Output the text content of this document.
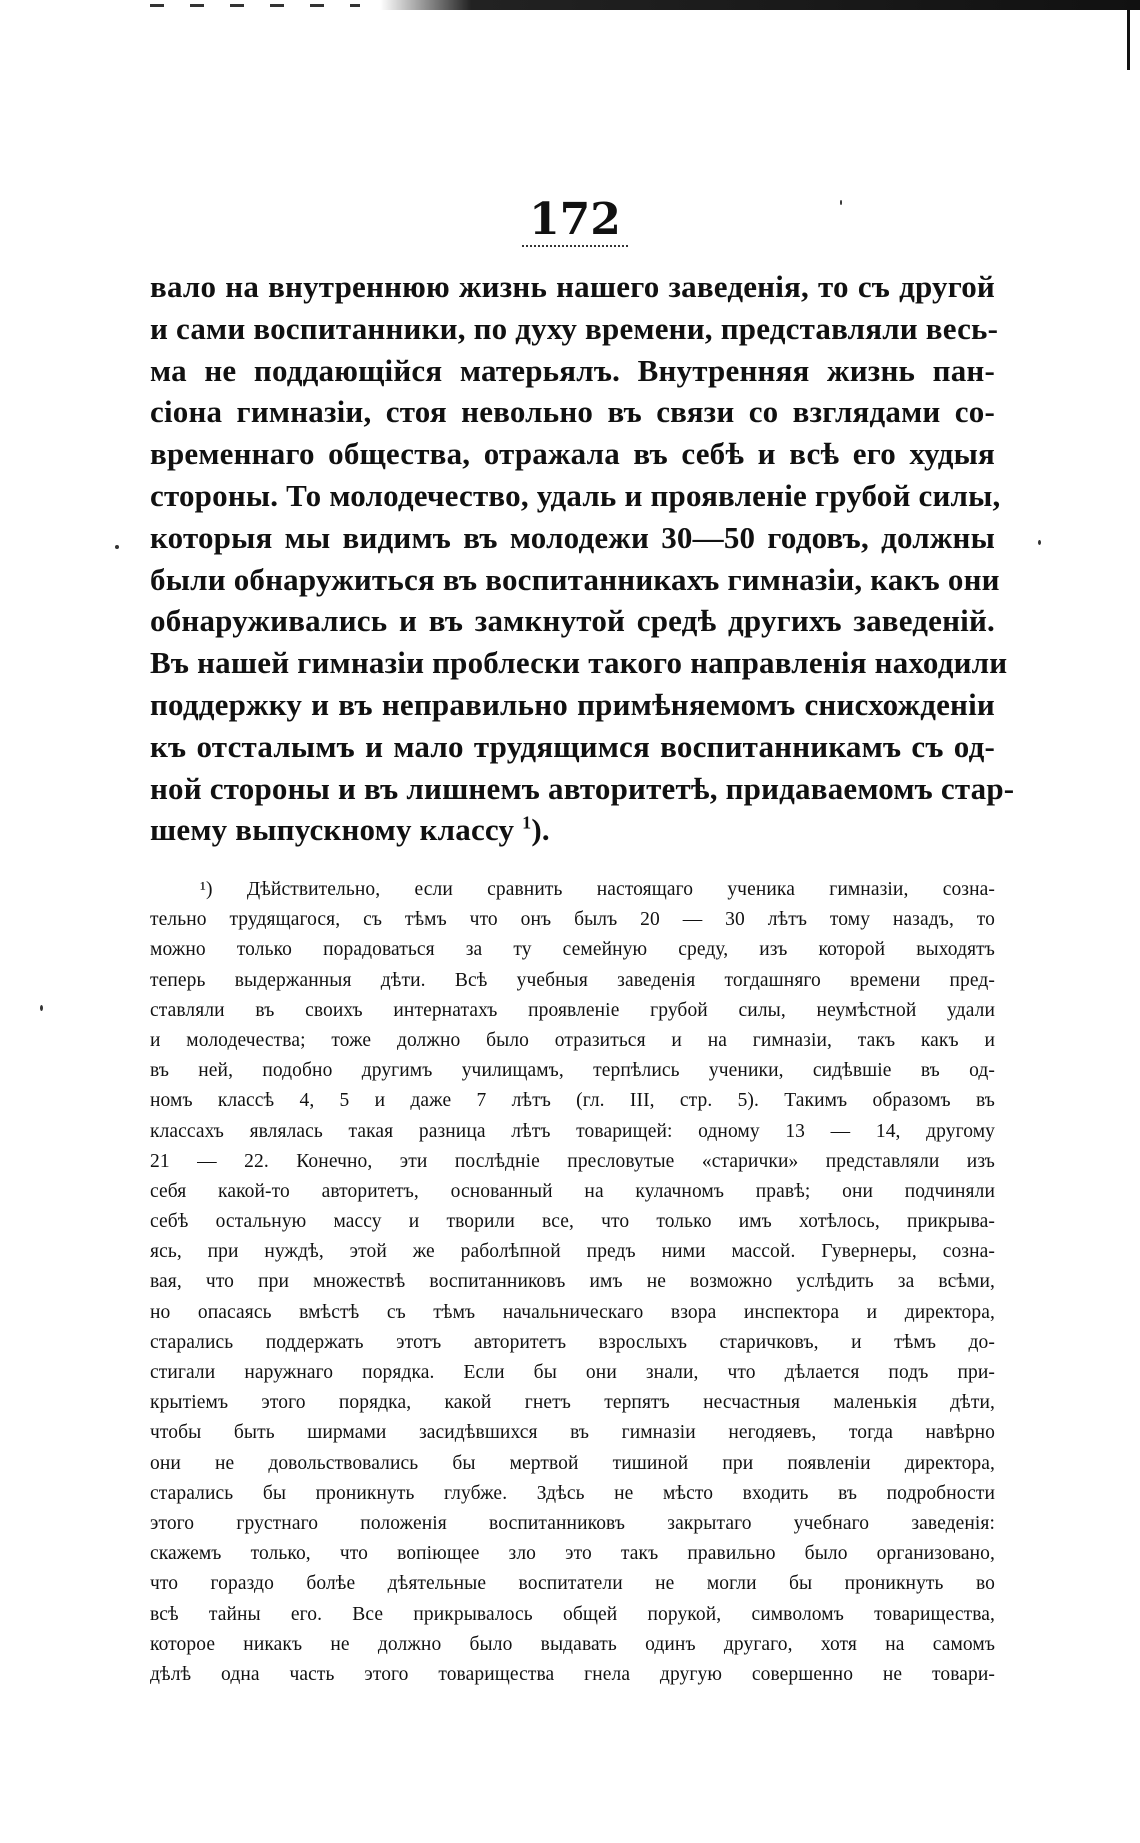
172
вало на внутреннюю жизнь нашего заведенія, то съ другой
и сами воспитанники, по духу времени, представляли весь-
ма не поддающійся матерьялъ. Внутренняя жизнь пан-
сіона гимназіи, стоя невольно въ связи со взглядами со-
временнаго общества, отражала въ себѣ и всѣ его худыя
стороны. То молодечество, удаль и проявленіе грубой силы,
которыя мы видимъ въ молодежи 30—50 годовъ, должны
были обнаружиться въ воспитанникахъ гимназіи, какъ они
обнаруживались и въ замкнутой средѣ другихъ заведеній.
Въ нашей гимназіи проблески такого направленія находили
поддержку и въ неправильно примѣняемомъ снисхожденіи
къ отсталымъ и мало трудящимся воспитанникамъ съ од-
ной стороны и въ лишнемъ авторитетѣ, придаваемомъ стар-
шему выпускному классу $^1$).
¹) Дѣйствительно, если сравнить настоящаго ученика гимназіи, созна-
тельно трудящагося, съ тѣмъ что онъ былъ 20 — 30 лѣтъ тому назадъ, то
можно только порадоваться за ту семейную среду, изъ которой выходятъ
теперь выдержанныя дѣти. Всѣ учебныя заведенія тогдашняго времени пред-
ставляли въ своихъ интернатахъ проявленіе грубой силы, неумѣстной удали
и молодечества; тоже должно было отразиться и на гимназіи, такъ какъ и
въ ней, подобно другимъ училищамъ, терпѣлись ученики, сидѣвшіе въ од-
номъ классѣ 4, 5 и даже 7 лѣтъ (гл. III, стр. 5). Такимъ образомъ въ
классахъ являлась такая разница лѣтъ товарищей: одному 13 — 14, другому
21 — 22. Конечно, эти послѣдніе пресловутые «старички» представляли изъ
себя какой-то авторитетъ, основанный на кулачномъ правѣ; они подчиняли
себѣ остальную массу и творили все, что только имъ хотѣлось, прикрыва-
ясь, при нуждѣ, этой же раболѣпной предъ ними массой. Гувернеры, сознa-
вая, что при множествѣ воспитанниковъ имъ не возможно услѣдить за всѣми,
но опасаясь вмѣстѣ съ тѣмъ начальническаго взора инспектора и директора,
старались поддержать этотъ авторитетъ взрослыхъ старичковъ, и тѣмъ до-
стигали наружнаго порядка. Если бы они знали, что дѣлается подъ при-
крытіемъ этого порядка, какой гнетъ терпятъ несчастныя маленькія дѣти,
чтобы быть ширмами засидѣвшихся въ гимназіи негодяевъ, тогда навѣрно
они не довольствовались бы мертвой тишиной при появленіи директора,
старались бы проникнуть глубже. Здѣсь не мѣсто входить въ подробности
этого грустнаго положенія воспитанниковъ закрытаго учебнаго заведенія:
скажемъ только, что вопіющее зло это такъ правильно было организовано,
что гораздо болѣе дѣятельные воспитатели не могли бы проникнуть во
всѣ тайны его. Все прикрывалось общей порукой, символомъ товарищества,
которое никакъ не должно было выдавать одинъ другаго, хотя на самомъ
дѣлѣ одна часть этого товарищества гнела другую совершенно не товари-
